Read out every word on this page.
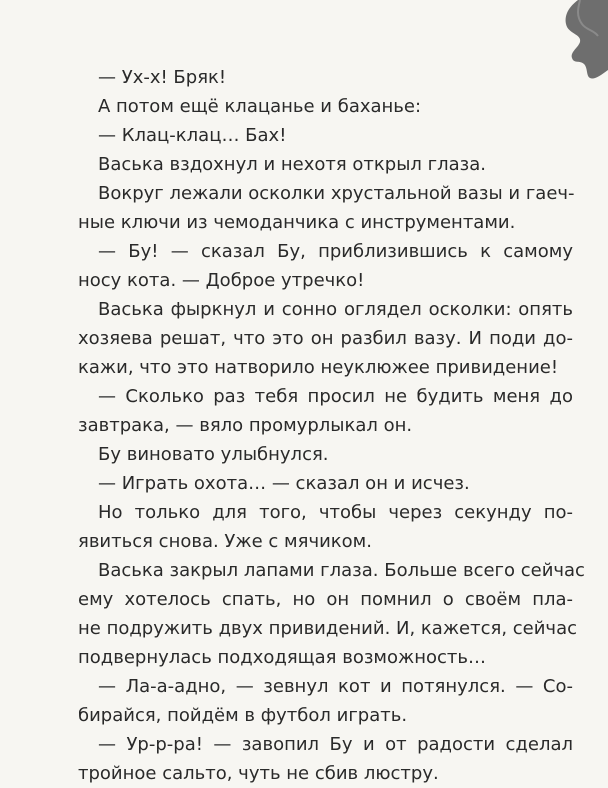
— Ух-х! Бряк!
А потом ещё клацанье и баханье:
— Клац-клац… Бах!
Васька вздохнул и нехотя открыл глаза.
Вокруг лежали осколки хрустальной вазы и гаеч-
ные ключи из чемоданчика с инструментами.
— Бу! — сказал Бу, приблизившись к самому
носу кота. — Доброе утречко!
Васька фыркнул и сонно оглядел осколки: опять
хозяева решат, что это он разбил вазу. И поди до-
кажи, что это натворило неуклюжее привидение!
— Сколько раз тебя просил не будить меня до
завтрака, — вяло промурлыкал он.
Бу виновато улыбнулся.
— Играть охота… — сказал он и исчез.
Но только для того, чтобы через секунду по-
явиться снова. Уже с мячиком.
Васька закрыл лапами глаза. Больше всего сейчас
ему хотелось спать, но он помнил о своём пла-
не подружить двух привидений. И, кажется, сейчас
подвернулась подходящая возможность…
— Ла-а-адно, — зевнул кот и потянулся. — Со-
бирайся, пойдём в футбол играть.
— Ур-р-ра! — завопил Бу и от радости сделал
тройное сальто, чуть не сбив люстру.
